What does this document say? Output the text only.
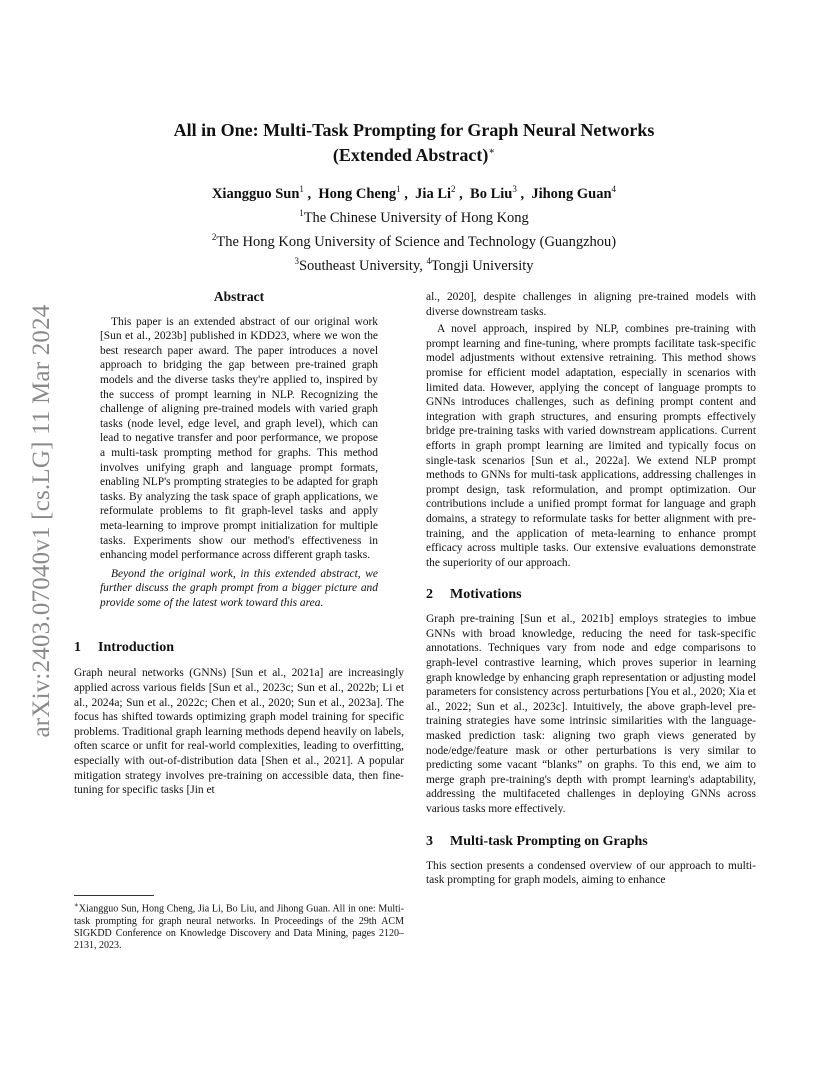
arXiv:2403.07040v1 [cs.LG] 11 Mar 2024
All in One: Multi-Task Prompting for Graph Neural Networks
(Extended Abstract)∗
Xiangguo Sun$^1$ ,  Hong Cheng$^1$ ,  Jia Li$^2$ ,  Bo Liu$^3$ ,  Jihong Guan$^4$
$^1$The Chinese University of Hong Kong
$^2$The Hong Kong University of Science and Technology (Guangzhou)
$^3$Southeast University, $^4$Tongji University
Abstract

This paper is an extended abstract of our original work [Sun et al., 2023b] published in KDD23, where we won the best research paper award. The paper introduces a novel approach to bridging the gap between pre-trained graph models and the diverse tasks they're applied to, inspired by the success of prompt learning in NLP. Recognizing the challenge of aligning pre-trained models with varied graph tasks (node level, edge level, and graph level), which can lead to negative transfer and poor performance, we propose a multi-task prompting method for graphs. This method involves unifying graph and language prompt formats, enabling NLP's prompting strategies to be adapted for graph tasks. By analyzing the task space of graph applications, we reformulate problems to fit graph-level tasks and apply meta-learning to improve prompt initialization for multiple tasks. Experiments show our method's effectiveness in enhancing model performance across different graph tasks.

Beyond the original work, in this extended abstract, we further discuss the graph prompt from a bigger picture and provide some of the latest work toward this area.

1 Introduction

Graph neural networks (GNNs) [Sun et al., 2021a] are increasingly applied across various fields [Sun et al., 2023c; Sun et al., 2022b; Li et al., 2024a; Sun et al., 2022c; Chen et al., 2020; Sun et al., 2023a]. The focus has shifted towards optimizing graph model training for specific problems. Traditional graph learning methods depend heavily on labels, often scarce or unfit for real-world complexities, leading to overfitting, especially with out-of-distribution data [Shen et al., 2021]. A popular mitigation strategy involves pre-training on accessible data, then fine-tuning for specific tasks [Jin et

al., 2020], despite challenges in aligning pre-trained models with diverse downstream tasks.

A novel approach, inspired by NLP, combines pre-training with prompt learning and fine-tuning, where prompts facilitate task-specific model adjustments without extensive retraining. This method shows promise for efficient model adaptation, especially in scenarios with limited data. However, applying the concept of language prompts to GNNs introduces challenges, such as defining prompt content and integration with graph structures, and ensuring prompts effectively bridge pre-training tasks with varied downstream applications. Current efforts in graph prompt learning are limited and typically focus on single-task scenarios [Sun et al., 2022a]. We extend NLP prompt methods to GNNs for multi-task applications, addressing challenges in prompt design, task reformulation, and prompt optimization. Our contributions include a unified prompt format for language and graph domains, a strategy to reformulate tasks for better alignment with pre-training, and the application of meta-learning to enhance prompt efficacy across multiple tasks. Our extensive evaluations demonstrate the superiority of our approach.

2 Motivations

Graph pre-training [Sun et al., 2021b] employs strategies to imbue GNNs with broad knowledge, reducing the need for task-specific annotations. Techniques vary from node and edge comparisons to graph-level contrastive learning, which proves superior in learning graph knowledge by enhancing graph representation or adjusting model parameters for consistency across perturbations [You et al., 2020; Xia et al., 2022; Sun et al., 2023c]. Intuitively, the above graph-level pre-training strategies have some intrinsic similarities with the language-masked prediction task: aligning two graph views generated by node/edge/feature mask or other perturbations is very similar to predicting some vacant “blanks” on graphs. To this end, we aim to merge graph pre-training's depth with prompt learning's adaptability, addressing the multifaceted challenges in deploying GNNs across various tasks more effectively.

3 Multi-task Prompting on Graphs

This section presents a condensed overview of our approach to multi-task prompting for graph models, aiming to enhance

∗Xiangguo Sun, Hong Cheng, Jia Li, Bo Liu, and Jihong Guan. All in one: Multi-task prompting for graph neural networks. In Proceedings of the 29th ACM SIGKDD Conference on Knowledge Discovery and Data Mining, pages 2120–2131, 2023.
